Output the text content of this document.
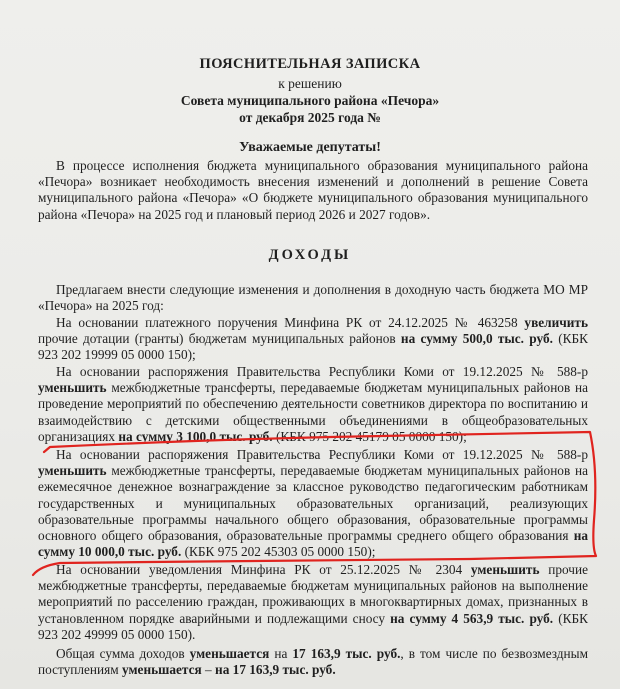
ПОЯСНИТЕЛЬНАЯ ЗАПИСКА
к решению
Совета муниципального района «Печора»
от декабря 2025 года №
Уважаемые депутаты!
В процессе исполнения бюджета муниципального образования муниципального района «Печора» возникает необходимость внесения изменений и дополнений в решение Совета муниципального района «Печора» «О бюджете муниципального образования муниципального района «Печора» на 2025 год и плановый период 2026 и 2027 годов».
ДОХОДЫ
Предлагаем внести следующие изменения и дополнения в доходную часть бюджета МО МР «Печора» на 2025 год:
На основании платежного поручения Минфина РК от 24.12.2025 № 463258 увеличить прочие дотации (гранты) бюджетам муниципальных районов на сумму 500,0 тыс. руб. (КБК 923 202 19999 05 0000 150);
На основании распоряжения Правительства Республики Коми от 19.12.2025 № 588-р уменьшить межбюджетные трансферты, передаваемые бюджетам муниципальных районов на проведение мероприятий по обеспечению деятельности советников директора по воспитанию и взаимодействию с детскими общественными объединениями в общеобразовательных организациях на сумму 3 100,0 тыс. руб. (КБК 975 202 45179 05 0000 150);
На основании распоряжения Правительства Республики Коми от 19.12.2025 № 588-р уменьшить межбюджетные трансферты, передаваемые бюджетам муниципальных районов на ежемесячное денежное вознаграждение за классное руководство педагогическим работникам государственных и муниципальных образовательных организаций, реализующих образовательные программы начального общего образования, образовательные программы основного общего образования, образовательные программы среднего общего образования на сумму 10 000,0 тыс. руб. (КБК 975 202 45303 05 0000 150);
На основании уведомления Минфина РК от 25.12.2025 № 2304 уменьшить прочие межбюджетные трансферты, передаваемые бюджетам муниципальных районов на выполнение мероприятий по расселению граждан, проживающих в многоквартирных домах, признанных в установленном порядке аварийными и подлежащими сносу на сумму 4 563,9 тыс. руб. (КБК 923 202 49999 05 0000 150).
Общая сумма доходов уменьшается на 17 163,9 тыс. руб., в том числе по безвозмездным поступлениям уменьшается – на 17 163,9 тыс. руб.
